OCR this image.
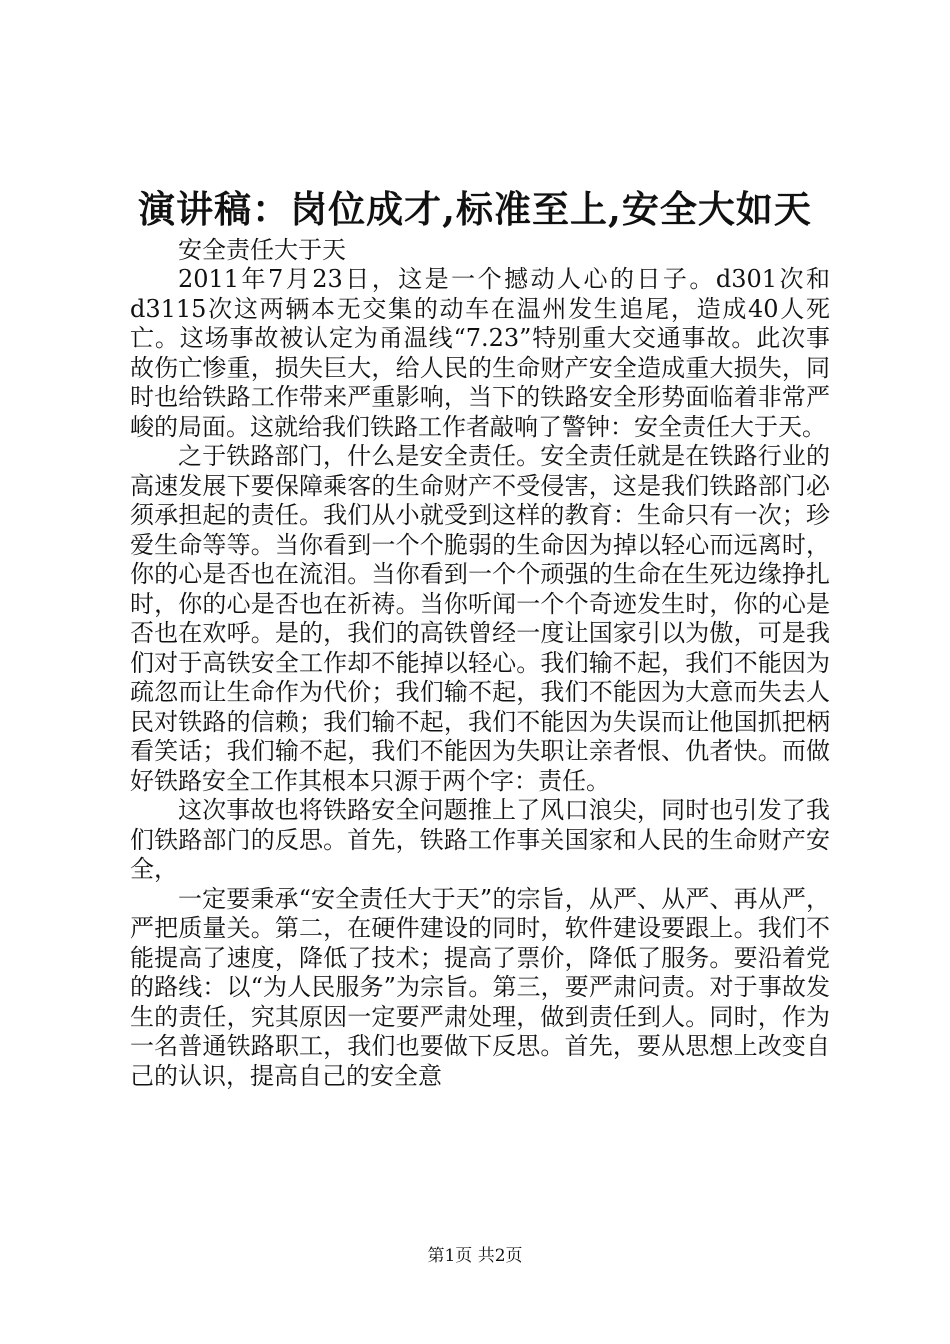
演讲稿：岗位成才,标准至上,安全大如天
安全责任大于天

2011年7月23日，这是一个撼动人心的日子。d301次和d3115次这两辆本无交集的动车在温州发生追尾，造成40人死亡。这场事故被认定为甬温线“7.23”特别重大交通事故。此次事故伤亡惨重，损失巨大，给人民的生命财产安全造成重大损失，同时也给铁路工作带来严重影响，当下的铁路安全形势面临着非常严峻的局面。这就给我们铁路工作者敲响了警钟：安全责任大于天。

之于铁路部门，什么是安全责任。安全责任就是在铁路行业的高速发展下要保障乘客的生命财产不受侵害，这是我们铁路部门必须承担起的责任。我们从小就受到这样的教育：生命只有一次；珍爱生命等等。当你看到一个个脆弱的生命因为掉以轻心而远离时，你的心是否也在流泪。当你看到一个个顽强的生命在生死边缘挣扎时，你的心是否也在祈祷。当你听闻一个个奇迹发生时，你的心是否也在欢呼。是的，我们的高铁曾经一度让国家引以为傲，可是我们对于高铁安全工作却不能掉以轻心。我们输不起，我们不能因为疏忽而让生命作为代价；我们输不起，我们不能因为大意而失去人民对铁路的信赖；我们输不起，我们不能因为失误而让他国抓把柄看笑话；我们输不起，我们不能因为失职让亲者恨、仇者快。而做好铁路安全工作其根本只源于两个字：责任。

这次事故也将铁路安全问题推上了风口浪尖，同时也引发了我们铁路部门的反思。首先，铁路工作事关国家和人民的生命财产安全，

一定要秉承“安全责任大于天”的宗旨，从严、从严、再从严，严把质量关。第二，在硬件建设的同时，软件建设要跟上。我们不能提高了速度，降低了技术；提高了票价，降低了服务。要沿着党的路线：以“为人民服务”为宗旨。第三，要严肃问责。对于事故发生的责任，究其原因一定要严肃处理，做到责任到人。同时，作为一名普通铁路职工，我们也要做下反思。首先，要从思想上改变自己的认识，提高自己的安全意

第1页 共2页
